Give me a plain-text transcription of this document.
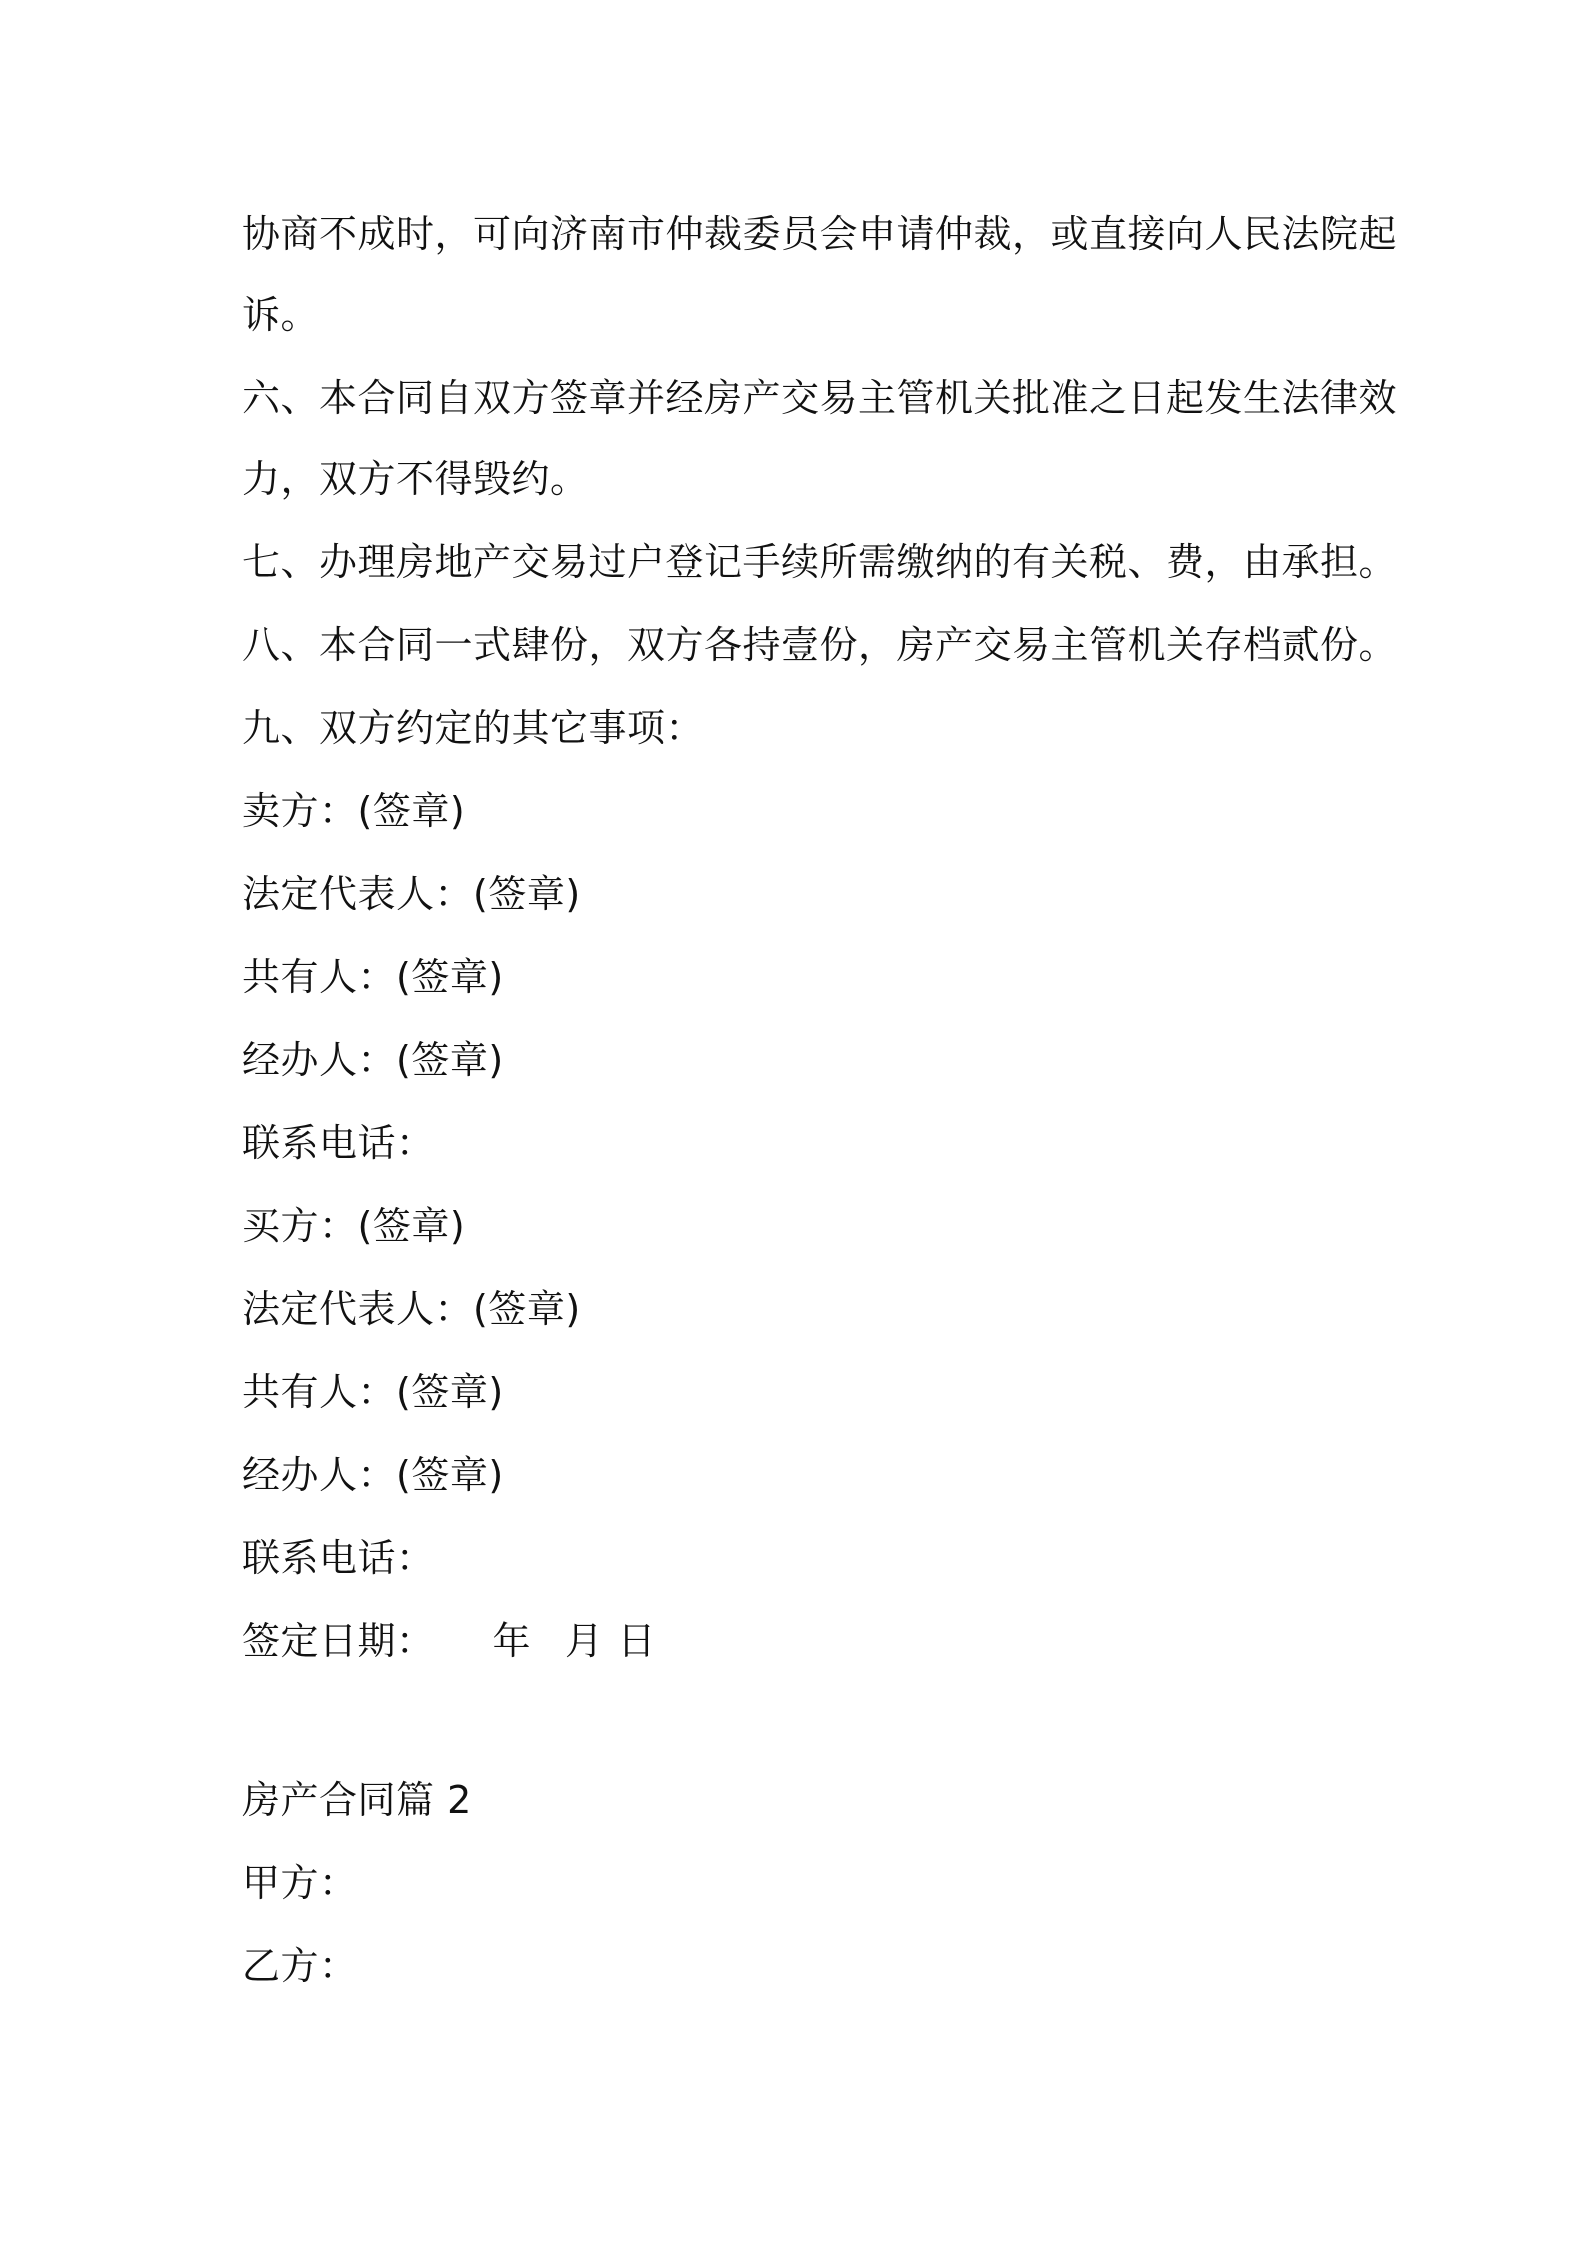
协商不成时，可向济南市仲裁委员会申请仲裁，或直接向人民法院起
诉。
六、本合同自双方签章并经房产交易主管机关批准之日起发生法律效
力，双方不得毁约。
七、办理房地产交易过户登记手续所需缴纳的有关税、费，由承担。
八、本合同一式肆份，双方各持壹份，房产交易主管机关存档贰份。
九、双方约定的其它事项：
卖方：(签章)
法定代表人：(签章)
共有人：(签章)
经办人：(签章)
联系电话：
买方：(签章)
法定代表人：(签章)
共有人：(签章)
经办人：(签章)
联系电话：
签定日期： 年 月 日
房产合同篇 2
甲方：
乙方：
